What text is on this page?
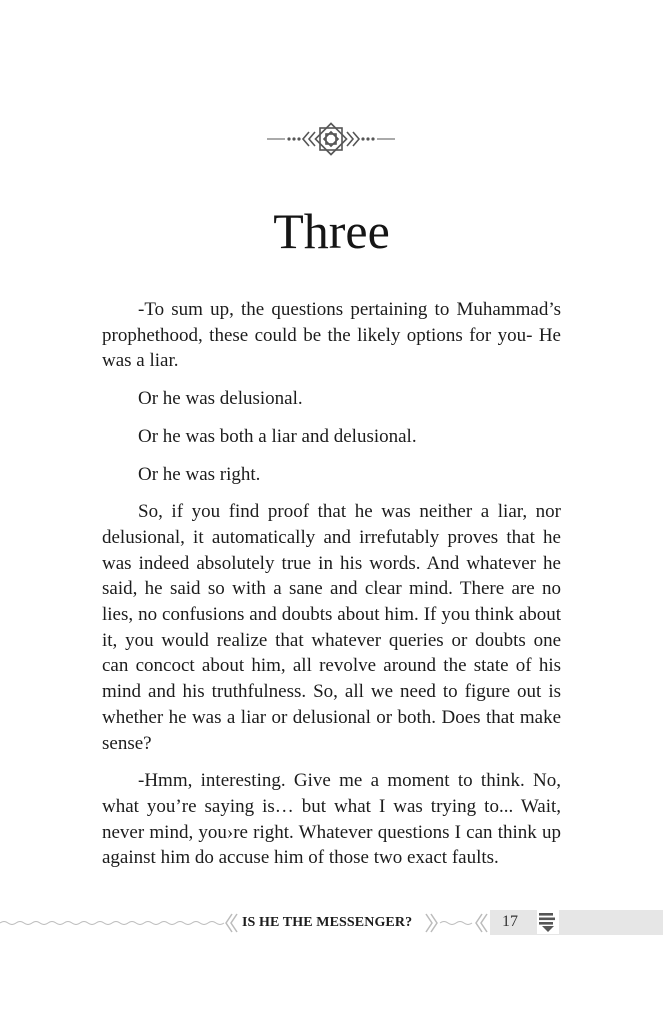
Three

-To sum up, the questions pertaining to Muhammad’s prophethood, these could be the likely options for you- He was a liar.

Or he was delusional.

Or he was both a liar and delusional.

Or he was right.

So, if you find proof that he was neither a liar, nor delusional, it automatically and irrefutably proves that he was indeed absolutely true in his words. And whatever he said, he said so with a sane and clear mind. There are no lies, no confusions and doubts about him. If you think about it, you would realize that whatever queries or doubts one can concoct about him, all revolve around the state of his mind and his truthfulness. So, all we need to figure out is whether he was a liar or delusional or both. Does that make sense?

-Hmm, interesting. Give me a moment to think. No, what you’re saying is… but what I was trying to... Wait, never mind, you›re right. Whatever questions I can think up against him do accuse him of those two exact faults.

IS HE THE MESSENGER?	17
